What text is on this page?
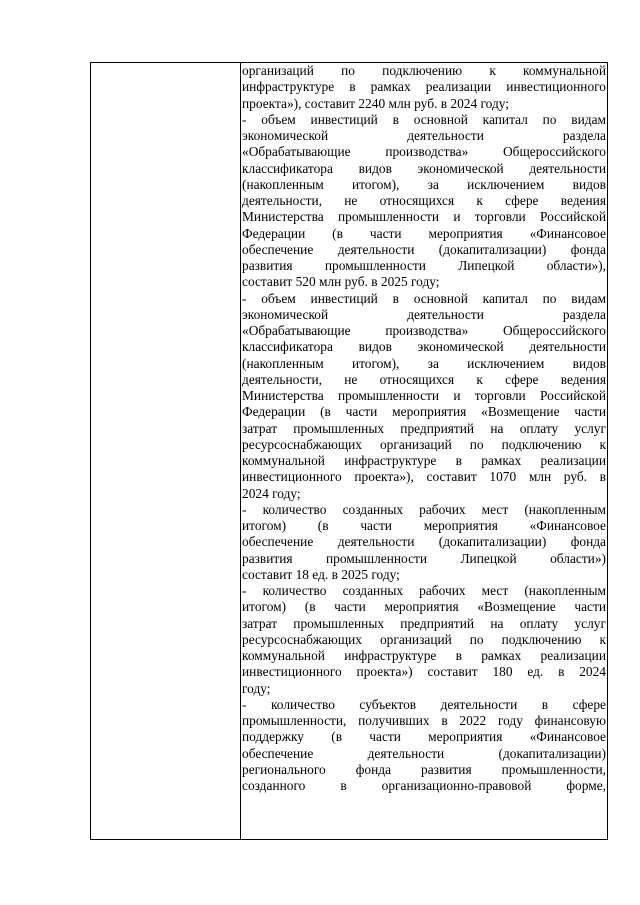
организаций по подключению к коммунальной
инфраструктуре в рамках реализации инвестиционного
проекта»), составит 2240 млн руб. в 2024 году;
- объем инвестиций в основной капитал по видам
экономической деятельности раздела
«Обрабатывающие производства» Общероссийского
классификатора видов экономической деятельности
(накопленным итогом), за исключением видов
деятельности, не относящихся к сфере ведения
Министерства промышленности и торговли Российской
Федерации (в части мероприятия «Финансовое
обеспечение деятельности (докапитализации) фонда
развития промышленности Липецкой области»),
составит 520 млн руб. в 2025 году;
- объем инвестиций в основной капитал по видам
экономической деятельности раздела
«Обрабатывающие производства» Общероссийского
классификатора видов экономической деятельности
(накопленным итогом), за исключением видов
деятельности, не относящихся к сфере ведения
Министерства промышленности и торговли Российской
Федерации (в части мероприятия «Возмещение части
затрат промышленных предприятий на оплату услуг
ресурсоснабжающих организаций по подключению к
коммунальной инфраструктуре в рамках реализации
инвестиционного проекта»), составит 1070 млн руб. в
2024 году;
- количество созданных рабочих мест (накопленным
итогом) (в части мероприятия «Финансовое
обеспечение деятельности (докапитализации) фонда
развития промышленности Липецкой области»)
составит 18 ед. в 2025 году;
- количество созданных рабочих мест (накопленным
итогом) (в части мероприятия «Возмещение части
затрат промышленных предприятий на оплату услуг
ресурсоснабжающих организаций по подключению к
коммунальной инфраструктуре в рамках реализации
инвестиционного проекта») составит 180 ед. в 2024
году;
- количество субъектов деятельности в сфере
промышленности, получивших в 2022 году финансовую
поддержку (в части мероприятия «Финансовое
обеспечение деятельности (докапитализации)
регионального фонда развития промышленности,
созданного в организационно-правовой форме,
